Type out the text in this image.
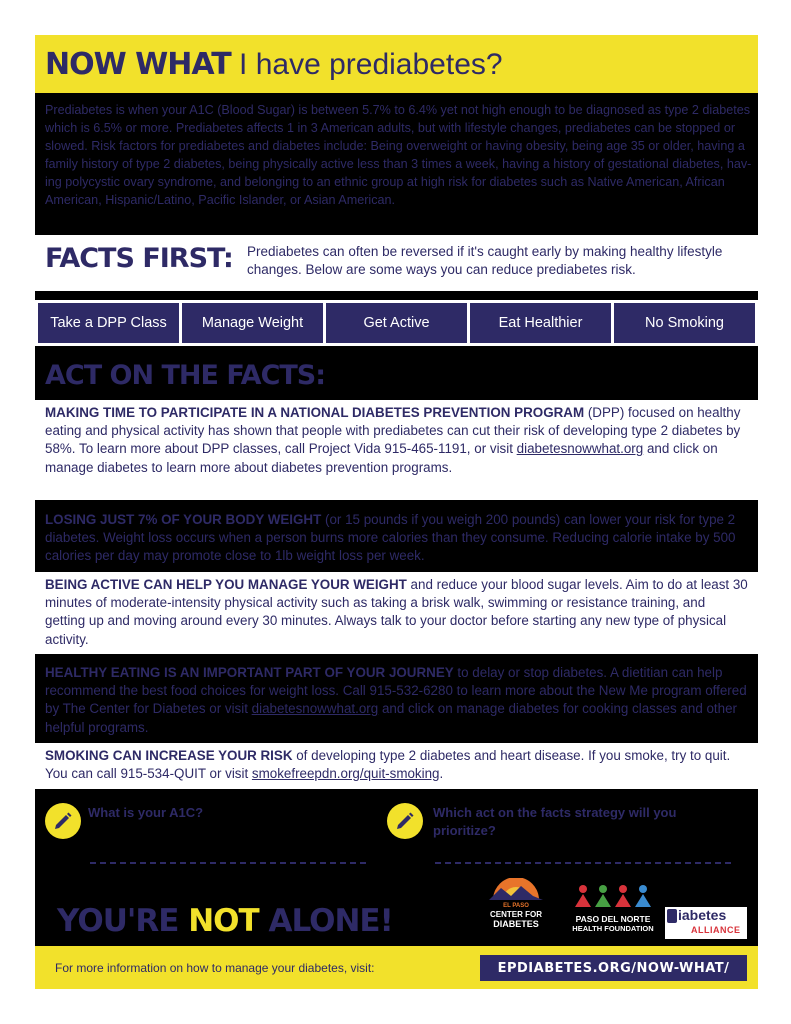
NOW WHAT I have prediabetes?
Prediabetes is when your A1C (Blood Sugar) is between 5.7% to 6.4% yet not high enough to be diagnosed as type 2 diabetes which is 6.5% or more. Prediabetes affects 1 in 3 American adults, but with lifestyle changes, prediabetes can be stopped or slowed. Risk factors for prediabetes and diabetes include: Being overweight or having obesity, being age 35 or older, having a family history of type 2 diabetes, being physically active less than 3 times a week, having a history of gestational diabetes, hav-ing polycystic ovary syndrome, and belonging to an ethnic group at high risk for diabetes such as Native American, African American, Hispanic/Latino, Pacific Islander, or Asian American.
FACTS FIRST: Prediabetes can often be reversed if it's caught early by making healthy lifestyle changes. Below are some ways you can reduce prediabetes risk.
Take a DPP Class	Manage Weight	Get Active	Eat Healthier	No Smoking
ACT ON THE FACTS:
MAKING TIME TO PARTICIPATE IN A NATIONAL DIABETES PREVENTION PROGRAM (DPP) focused on healthy eating and physical activity has shown that people with prediabetes can cut their risk of developing type 2 diabetes by 58%. To learn more about DPP classes, call Project Vida 915-465-1191, or visit diabetesnowwhat.org and click on manage diabetes to learn more about diabetes prevention programs.
LOSING JUST 7% OF YOUR BODY WEIGHT (or 15 pounds if you weigh 200 pounds) can lower your risk for type 2 diabetes. Weight loss occurs when a person burns more calories than they consume. Reducing calorie intake by 500 calories per day may promote close to 1lb weight loss per week.
BEING ACTIVE CAN HELP YOU MANAGE YOUR WEIGHT and reduce your blood sugar levels. Aim to do at least 30 minutes of moderate-intensity physical activity such as taking a brisk walk, swimming or resistance training, and getting up and moving around every 30 minutes. Always talk to your doctor before starting any new type of physical activity.
HEALTHY EATING IS AN IMPORTANT PART OF YOUR JOURNEY to delay or stop diabetes. A dietitian can help recommend the best food choices for weight loss. Call 915-532-6280 to learn more about the New Me program offered by The Center for Diabetes or visit diabetesnowwhat.org and click on manage diabetes for cooking classes and other helpful programs.
SMOKING CAN INCREASE YOUR RISK of developing type 2 diabetes and heart disease. If you smoke, try to quit. You can call 915-534-QUIT or visit smokefreepdn.org/quit-smoking.
What is your A1C?	Which act on the facts strategy will you prioritize?
YOU'RE NOT ALONE!	EL PASO
CENTER FOR
DIABETES	PASO DEL NORTE
HEALTH FOUNDATION
iabetes
ALLIANCE
For more information on how to manage your diabetes, visit:	EPDIABETES.ORG/NOW-WHAT/
